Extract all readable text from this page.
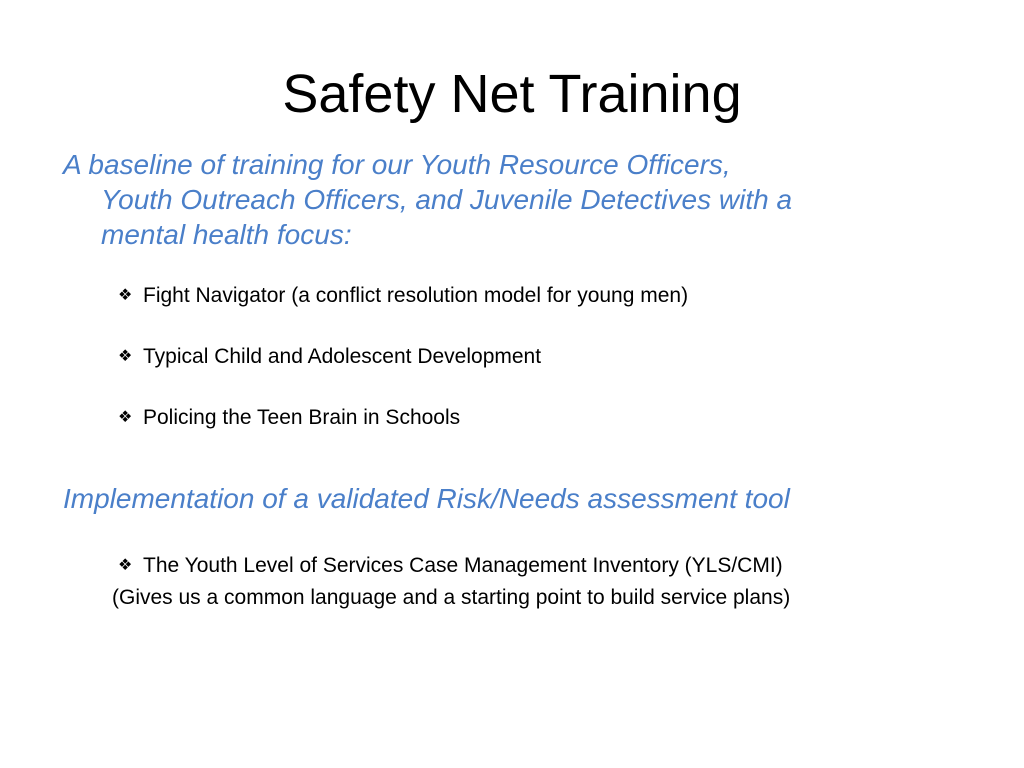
Safety Net Training
A baseline of training for our Youth Resource Officers,
Youth Outreach Officers, and Juvenile Detectives with a
mental health focus:
❖ Fight Navigator (a conflict resolution model for young men)
❖ Typical Child and Adolescent Development
❖ Policing the Teen Brain in Schools
Implementation of a validated Risk/Needs assessment tool
❖ The Youth Level of Services Case Management Inventory (YLS/CMI)
(Gives us a common language and a starting point to build service plans)
